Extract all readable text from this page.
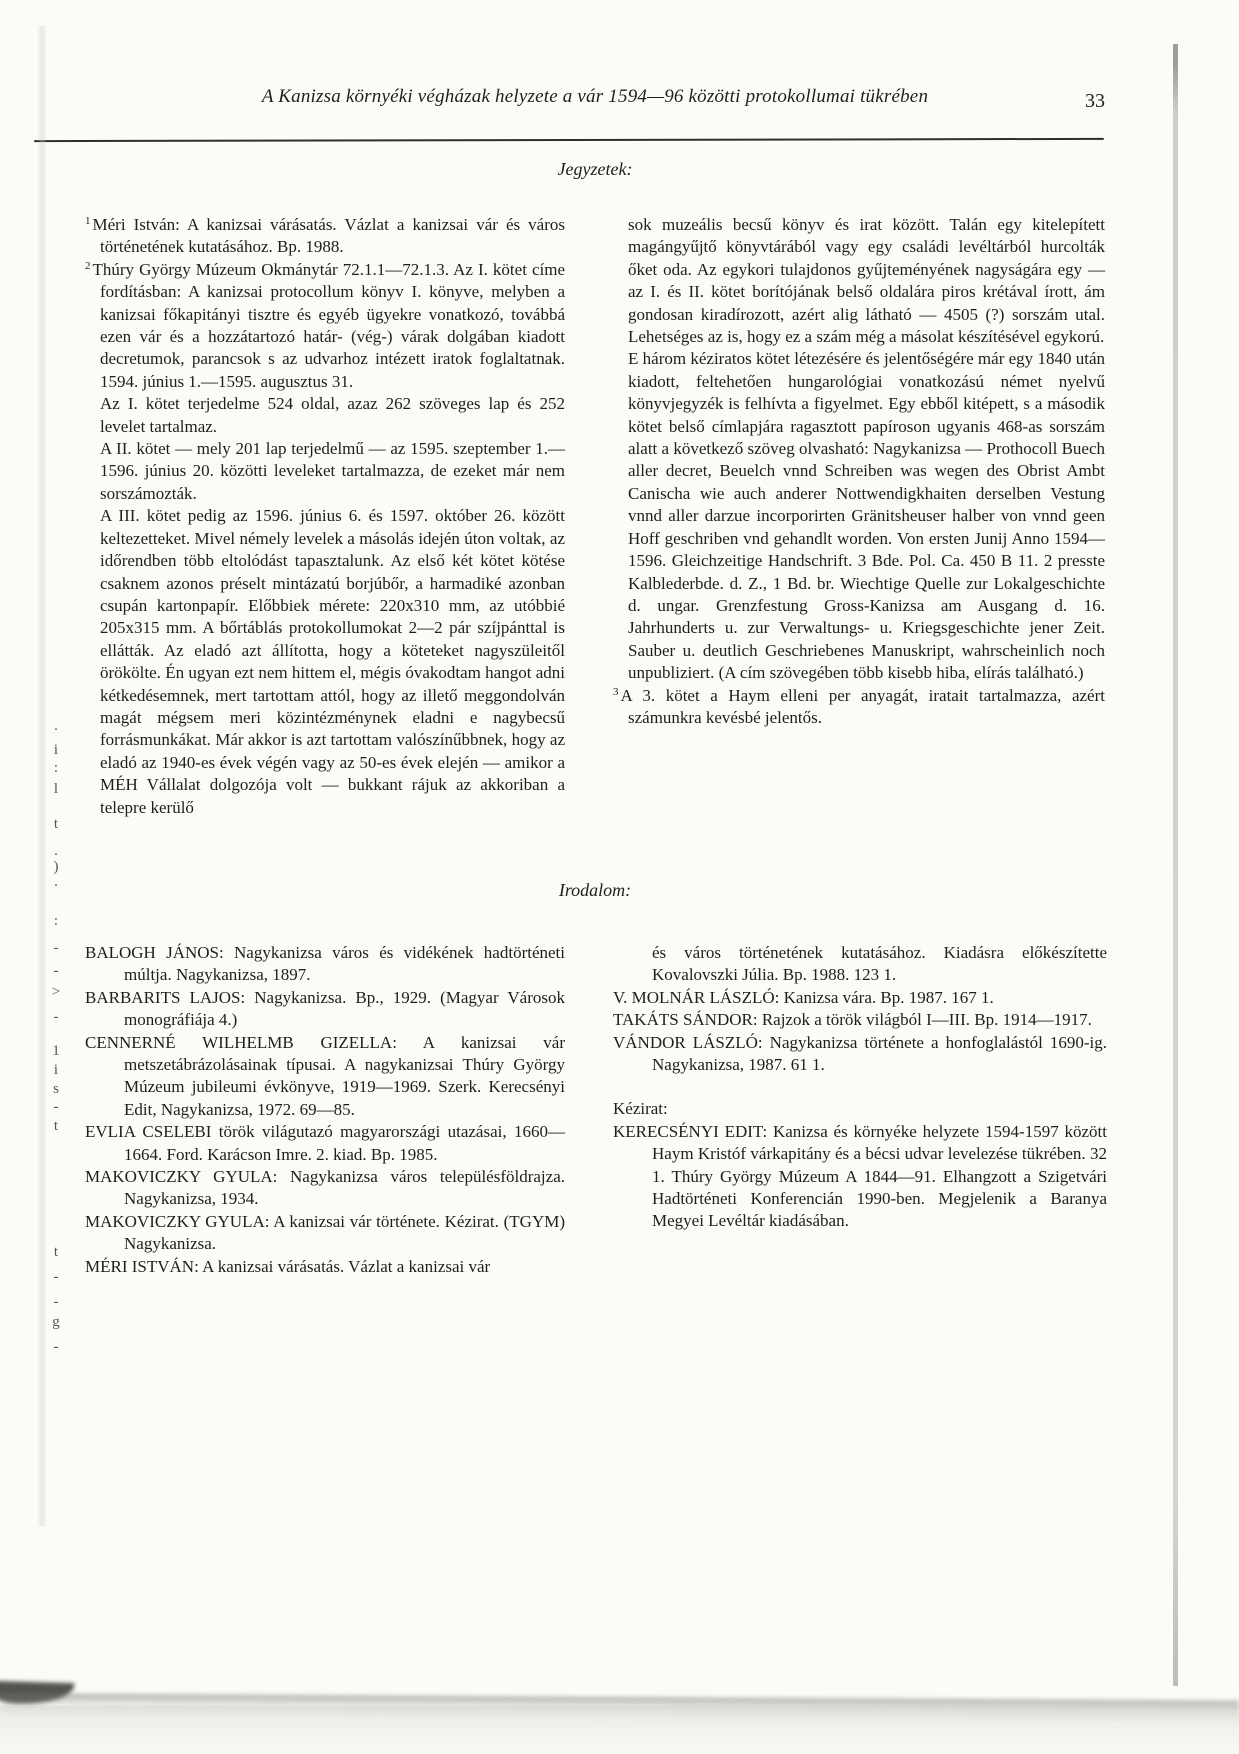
A Kanizsa környéki végházak helyzete a vár 1594—96 közötti protokollumai tükrében	33
Jegyzetek:

$^1$ Méri István: A kanizsai várásatás. Vázlat a kanizsai vár és város történetének kutatásához. Bp. 1988.

$^2$ Thúry György Múzeum Okmánytár 72.1.1—72.1.3. Az I. kötet címe fordításban: A kanizsai protocollum könyv I. könyve, melyben a kanizsai főkapitányi tisztre és egyéb ügyekre vonatkozó, továbbá ezen vár és a hozzátartozó határ- (vég-) várak dolgában kiadott decretumok, parancsok s az udvarhoz intézett iratok foglaltatnak. 1594. június 1.—1595. augusztus 31.

Az I. kötet terjedelme 524 oldal, azaz 262 szöveges lap és 252 levelet tartalmaz.

A II. kötet — mely 201 lap terjedelmű — az 1595. szeptember 1.—1596. június 20. közötti leveleket tartalmazza, de ezeket már nem sorszámozták.

A III. kötet pedig az 1596. június 6. és 1597. október 26. között keltezetteket. Mivel némely levelek a másolás idején úton voltak, az időrendben több eltolódást tapasztalunk. Az első két kötet kötése csaknem azonos préselt mintázatú borjúbőr, a harmadiké azonban csupán kartonpapír. Előbbiek mérete: 220x310 mm, az utóbbié 205x315 mm. A bőrtáblás protokollumokat 2—2 pár szíjpánttal is ellátták. Az eladó azt állította, hogy a köteteket nagyszüleitől örökölte. Én ugyan ezt nem hittem el, mégis óvakodtam hangot adni kétkedésemnek, mert tartottam attól, hogy az illető meggondolván magát mégsem meri közintézménynek eladni e nagybecsű forrásmunkákat. Már akkor is azt tartottam valószínűbbnek, hogy az eladó az 1940-es évek végén vagy az 50-es évek elején — amikor a MÉH Vállalat dolgozója volt — bukkant rájuk az akkoriban a telepre kerülő

sok muzeális becsű könyv és irat között. Talán egy kitelepített magángyűjtő könyvtárából vagy egy családi levéltárból hurcolták őket oda. Az egykori tulajdonos gyűjteményének nagyságára egy — az I. és II. kötet borítójának belső oldalára piros krétával írott, ám gondosan kiradírozott, azért alig látható — 4505 (?) sorszám utal. Lehetséges az is, hogy ez a szám még a másolat készítésével egykorú.

E három kéziratos kötet létezésére és jelentőségére már egy 1840 után kiadott, feltehetően hungarológiai vonatkozású német nyelvű könyvjegyzék is felhívta a figyelmet. Egy ebből kitépett, s a második kötet belső címlapjára ragasztott papíroson ugyanis 468-as sorszám alatt a következő szöveg olvasható: Nagykanizsa — Prothocoll Buech aller decret, Beuelch vnnd Schreiben was wegen des Obrist Ambt Canischa wie auch anderer Nottwendigkhaiten derselben Vestung vnnd aller darzue incorporirten Gränitsheuser halber von vnnd geen Hoff geschriben vnd gehandlt worden. Von ersten Junij Anno 1594—1596. Gleichzeitige Handschrift. 3 Bde. Pol. Ca. 450 B 11. 2 presste Kalblederbde. d. Z., 1 Bd. br. Wiechtige Quelle zur Lokalgeschichte d. ungar. Grenzfestung Gross-Kanizsa am Ausgang d. 16. Jahrhunderts u. zur Verwaltungs- u. Kriegsgeschichte jener Zeit. Sauber u. deutlich Geschriebenes Manuskript, wahrscheinlich noch unpubliziert. (A cím szövegében több kisebb hiba, elírás található.)

$^3$ A 3. kötet a Haym elleni per anyagát, iratait tartalmazza, azért számunkra kevésbé jelentős.

Irodalom:

BALOGH JÁNOS: Nagykanizsa város és vidékének hadtörténeti múltja. Nagykanizsa, 1897.

BARBARITS LAJOS: Nagykanizsa. Bp., 1929. (Magyar Városok monográfiája 4.)

CENNERNÉ WILHELMB GIZELLA: A kanizsai vár metszetábrázolásainak típusai. A nagykanizsai Thúry György Múzeum jubileumi évkönyve, 1919—1969. Szerk. Kerecsényi Edit, Nagykanizsa, 1972. 69—85.

EVLIA CSELEBI török világutazó magyarországi utazásai, 1660—1664. Ford. Karácson Imre. 2. kiad. Bp. 1985.

MAKOVICZKY GYULA: Nagykanizsa város településföldrajza. Nagykanizsa, 1934.

MAKOVICZKY GYULA: A kanizsai vár története. Kézirat. (TGYM) Nagykanizsa.

MÉRI ISTVÁN: A kanizsai várásatás. Vázlat a kanizsai vár

és város történetének kutatásához. Kiadásra előkészítette Kovalovszki Júlia. Bp. 1988. 123 1.

V. MOLNÁR LÁSZLÓ: Kanizsa vára. Bp. 1987. 167 1.

TAKÁTS SÁNDOR: Rajzok a török világból I—III. Bp. 1914—1917.

VÁNDOR LÁSZLÓ: Nagykanizsa története a honfoglalástól 1690-ig. Nagykanizsa, 1987. 61 1.

Kézirat:

KERECSÉNYI EDIT: Kanizsa és környéke helyzete 1594-1597 között Haym Kristóf várkapitány és a bécsi udvar levelezése tükrében. 32 1. Thúry György Múzeum A 1844—91. Elhangzott a Szigetvári Hadtörténeti Konferencián 1990-ben. Megjelenik a Baranya Megyei Levéltár kiadásában.

·
i
:
l
t
.
)
·
:
-
-
>
-
1
i
s
-
t
t
-
-
g
-
